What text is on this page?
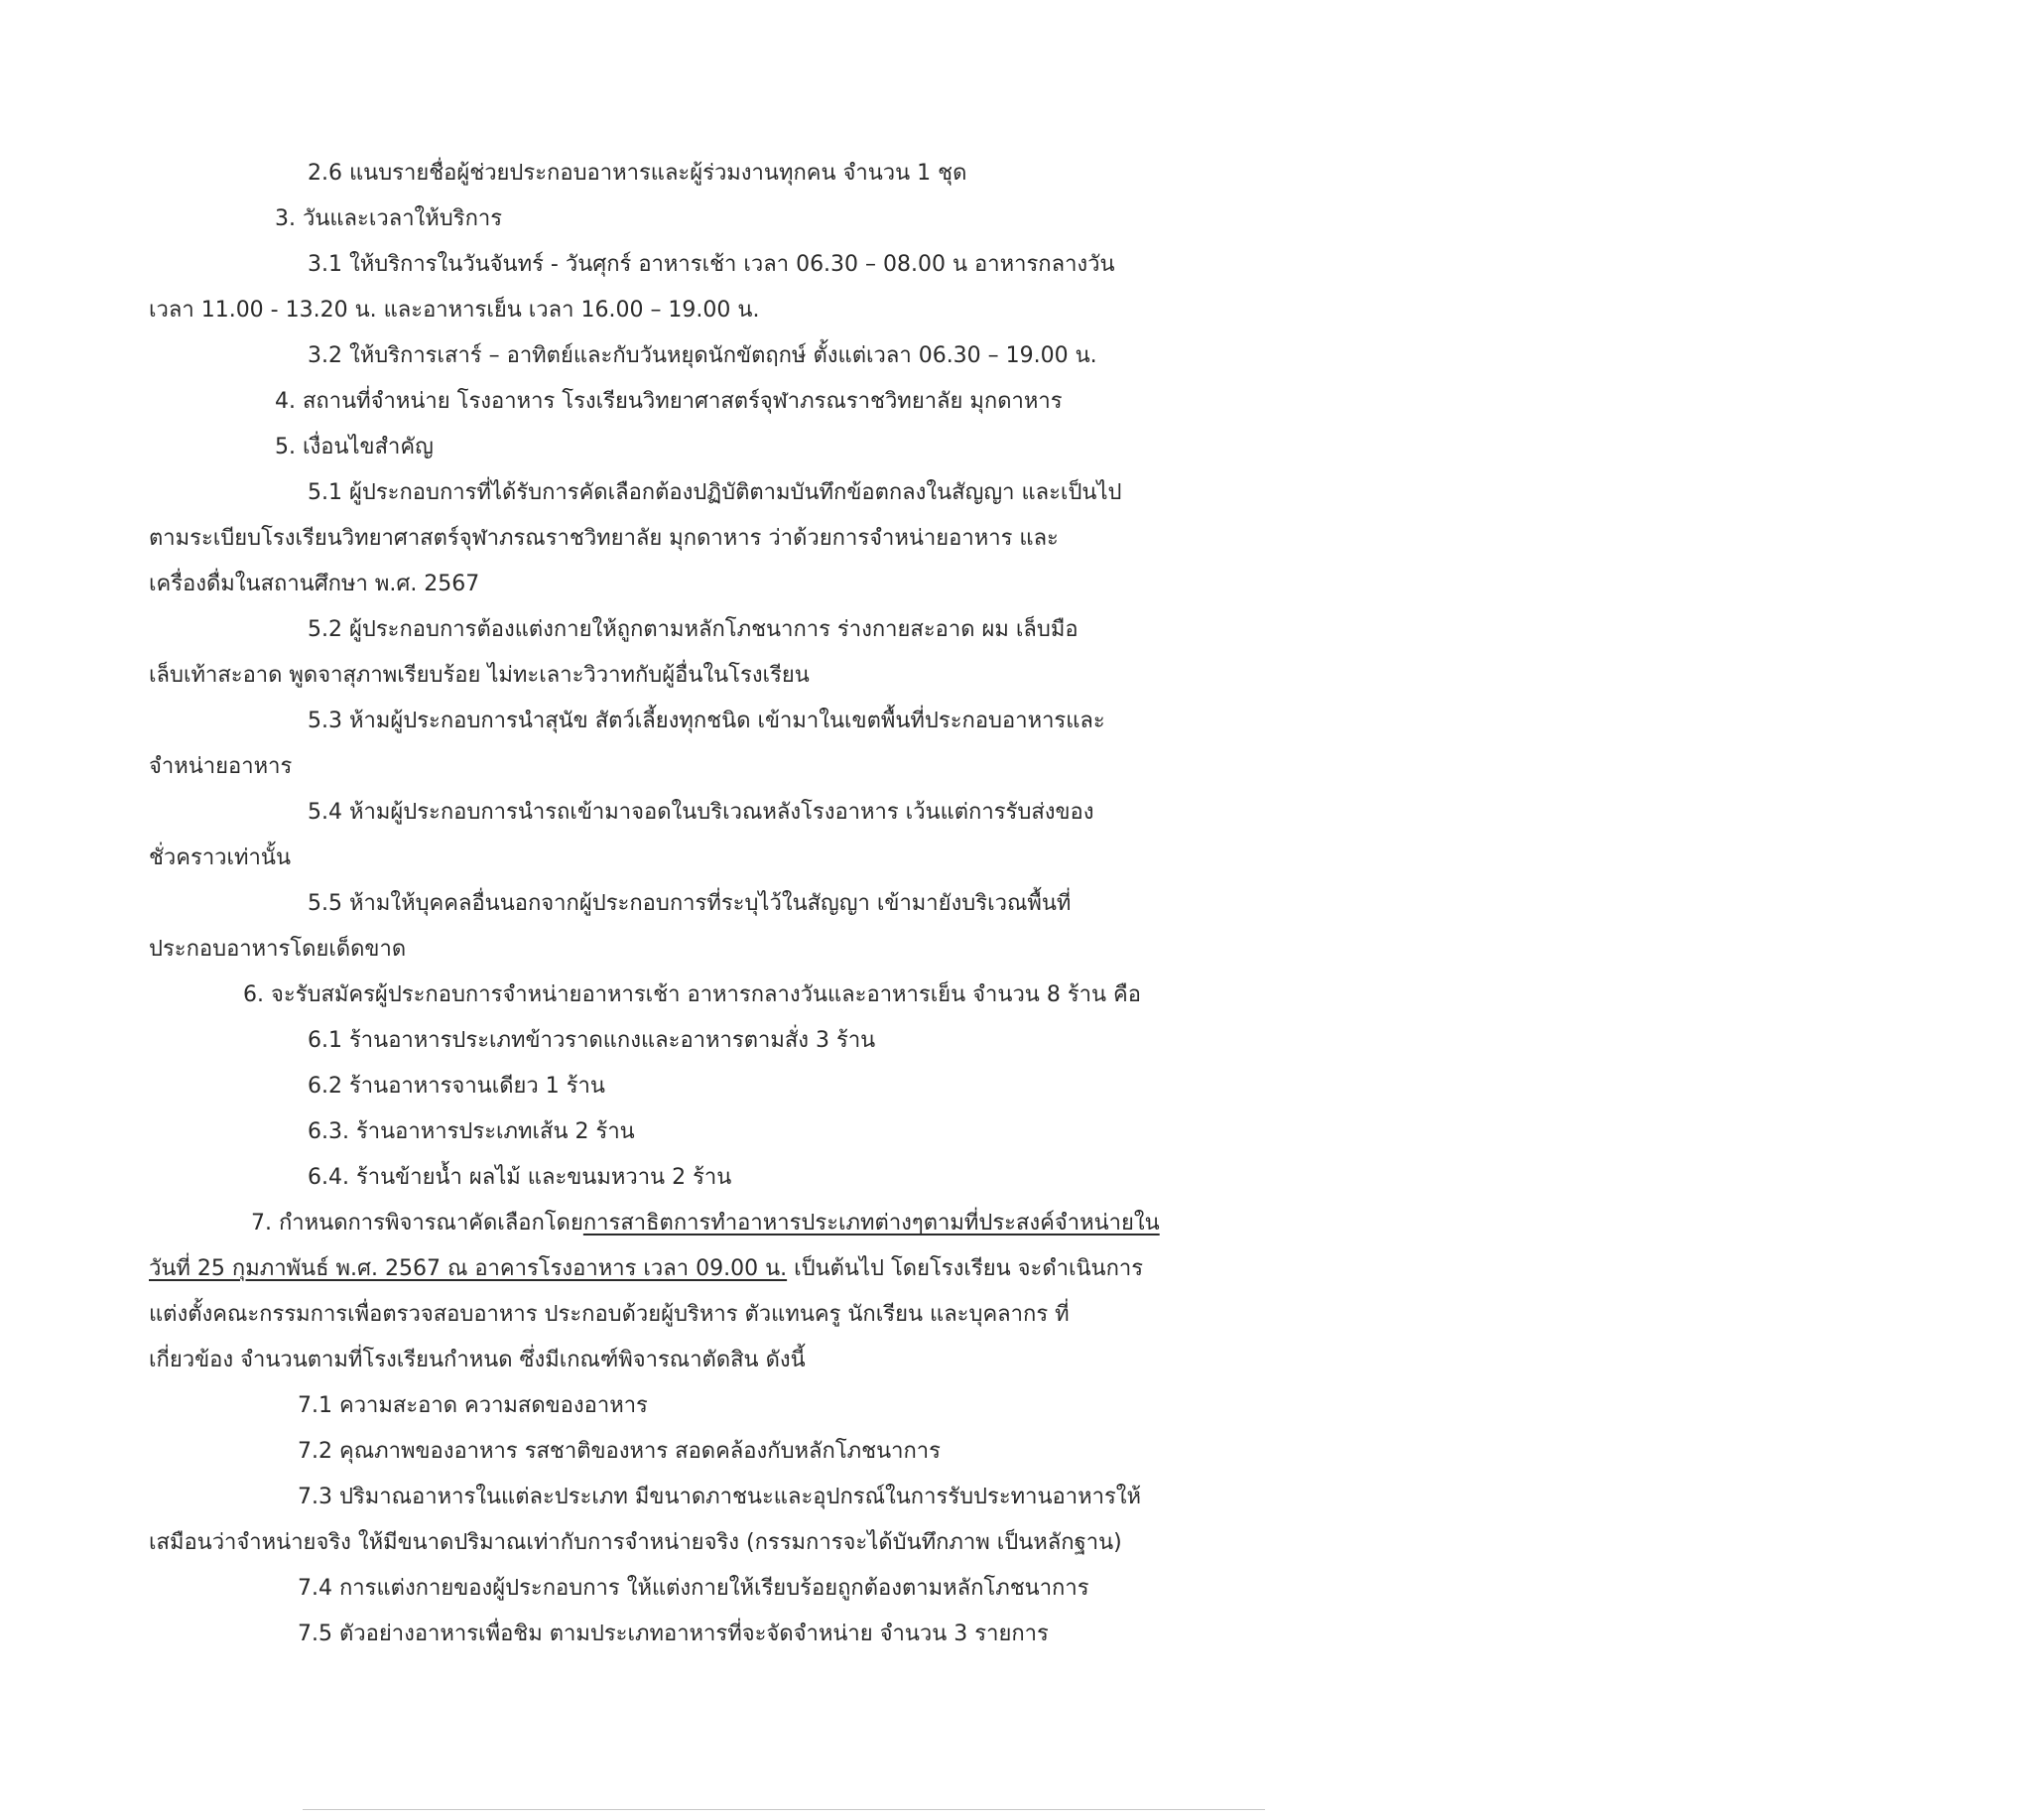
2.6 แนบรายชื่อผู้ช่วยประกอบอาหารและผู้ร่วมงานทุกคน จำนวน 1 ชุด
3. วันและเวลาให้บริการ
3.1 ให้บริการในวันจันทร์ - วันศุกร์ อาหารเช้า เวลา 06.30 – 08.00 น อาหารกลางวัน
เวลา 11.00 - 13.20 น. และอาหารเย็น เวลา 16.00 – 19.00 น.
3.2 ให้บริการเสาร์ – อาทิตย์และกับวันหยุดนักขัตฤกษ์ ตั้งแต่เวลา 06.30 – 19.00 น.
4. สถานที่จำหน่าย โรงอาหาร โรงเรียนวิทยาศาสตร์จุฬาภรณราชวิทยาลัย มุกดาหาร
5. เงื่อนไขสำคัญ
5.1 ผู้ประกอบการที่ได้รับการคัดเลือกต้องปฏิบัติตามบันทึกข้อตกลงในสัญญา และเป็นไป
ตามระเบียบโรงเรียนวิทยาศาสตร์จุฬาภรณราชวิทยาลัย มุกดาหาร ว่าด้วยการจำหน่ายอาหาร และ
เครื่องดื่มในสถานศึกษา พ.ศ. 2567
5.2 ผู้ประกอบการต้องแต่งกายให้ถูกตามหลักโภชนาการ ร่างกายสะอาด ผม เล็บมือ
เล็บเท้าสะอาด พูดจาสุภาพเรียบร้อย ไม่ทะเลาะวิวาทกับผู้อื่นในโรงเรียน
5.3 ห้ามผู้ประกอบการนำสุนัข สัตว์เลี้ยงทุกชนิด เข้ามาในเขตพื้นที่ประกอบอาหารและ
จำหน่ายอาหาร
5.4 ห้ามผู้ประกอบการนำรถเข้ามาจอดในบริเวณหลังโรงอาหาร เว้นแต่การรับส่งของ
ชั่วคราวเท่านั้น
5.5 ห้ามให้บุคคลอื่นนอกจากผู้ประกอบการที่ระบุไว้ในสัญญา เข้ามายังบริเวณพื้นที่
ประกอบอาหารโดยเด็ดขาด
6. จะรับสมัครผู้ประกอบการจำหน่ายอาหารเช้า อาหารกลางวันและอาหารเย็น จำนวน 8 ร้าน คือ
6.1 ร้านอาหารประเภทข้าวราดแกงและอาหารตามสั่ง 3 ร้าน
6.2 ร้านอาหารจานเดียว 1 ร้าน
6.3. ร้านอาหารประเภทเส้น 2 ร้าน
6.4. ร้านข้ายน้ำ ผลไม้ และขนมหวาน 2 ร้าน
7. กำหนดการพิจารณาคัดเลือกโดยการสาธิตการทำอาหารประเภทต่างๆตามที่ประสงค์จำหน่ายใน
วันที่ 25 กุมภาพันธ์ พ.ศ. 2567 ณ อาคารโรงอาหาร เวลา 09.00 น. เป็นต้นไป โดยโรงเรียน จะดำเนินการ
แต่งตั้งคณะกรรมการเพื่อตรวจสอบอาหาร ประกอบด้วยผู้บริหาร ตัวแทนครู นักเรียน และบุคลากร ที่
เกี่ยวข้อง จำนวนตามที่โรงเรียนกำหนด ซึ่งมีเกณฑ์พิจารณาตัดสิน ดังนี้
7.1 ความสะอาด ความสดของอาหาร
7.2 คุณภาพของอาหาร รสชาติของหาร สอดคล้องกับหลักโภชนาการ
7.3 ปริมาณอาหารในแต่ละประเภท มีขนาดภาชนะและอุปกรณ์ในการรับประทานอาหารให้
เสมือนว่าจำหน่ายจริง ให้มีขนาดปริมาณเท่ากับการจำหน่ายจริง (กรรมการจะได้บันทึกภาพ เป็นหลักฐาน)
7.4 การแต่งกายของผู้ประกอบการ ให้แต่งกายให้เรียบร้อยถูกต้องตามหลักโภชนาการ
7.5 ตัวอย่างอาหารเพื่อชิม ตามประเภทอาหารที่จะจัดจำหน่าย จำนวน 3 รายการ
